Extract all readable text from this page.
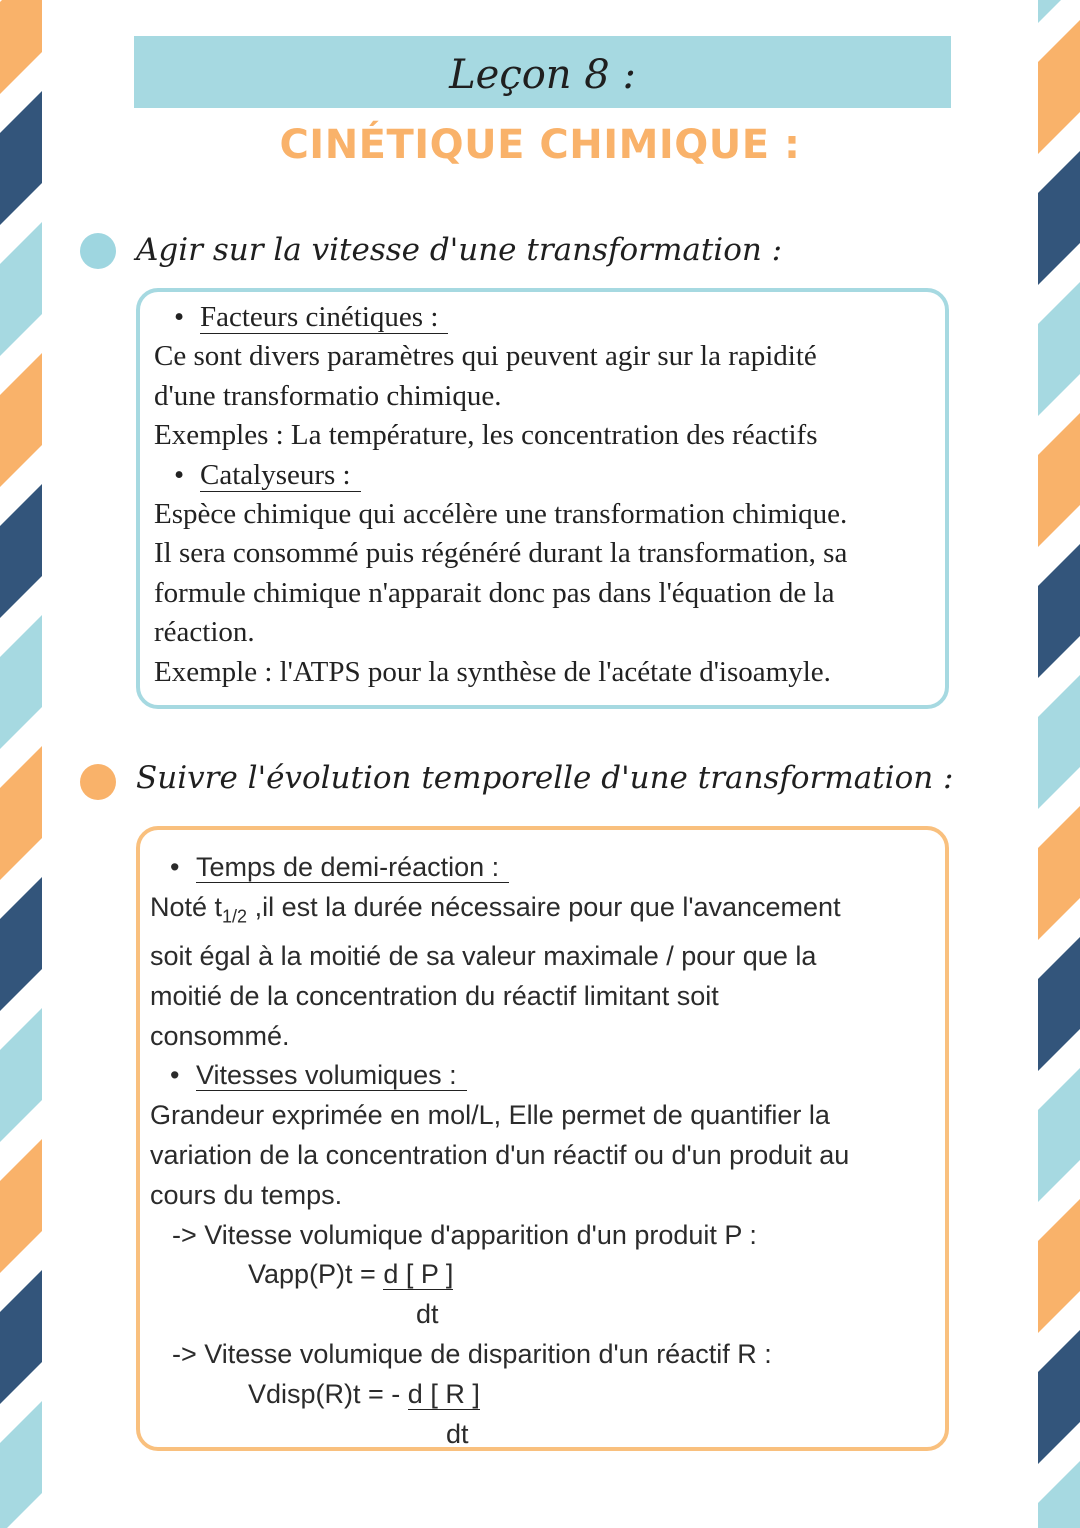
Leçon 8 :
CINÉTIQUE CHIMIQUE :
Agir sur la vitesse d'une transformation :
• Facteurs cinétiques :
Ce sont divers paramètres qui peuvent agir sur la rapidité
d'une transformatio chimique.
Exemples : La température, les concentration des réactifs
• Catalyseurs :
Espèce chimique qui accélère une transformation chimique.
Il sera consommé puis régénéré durant la transformation, sa
formule chimique n'apparait donc pas dans l'équation de la
réaction.
Exemple : l'ATPS pour la synthèse de l'acétate d'isoamyle.
Suivre l'évolution temporelle d'une transformation :
• Temps de demi-réaction :
Noté $t_{1/2}$ ,il est la durée nécessaire pour que l'avancement
soit égal à la moitié de sa valeur maximale / pour que la
moitié de la concentration du réactif limitant soit
consommé.
• Vitesses volumiques :
Grandeur exprimée en mol/L, Elle permet de quantifier la
variation de la concentration d'un réactif ou d'un produit au
cours du temps.
-> Vitesse volumique d'apparition d'un produit P :
Vapp(P)t = d [ P ]
dt
-> Vitesse volumique de disparition d'un réactif R :
Vdisp(R)t = - d [ R ]
dt
